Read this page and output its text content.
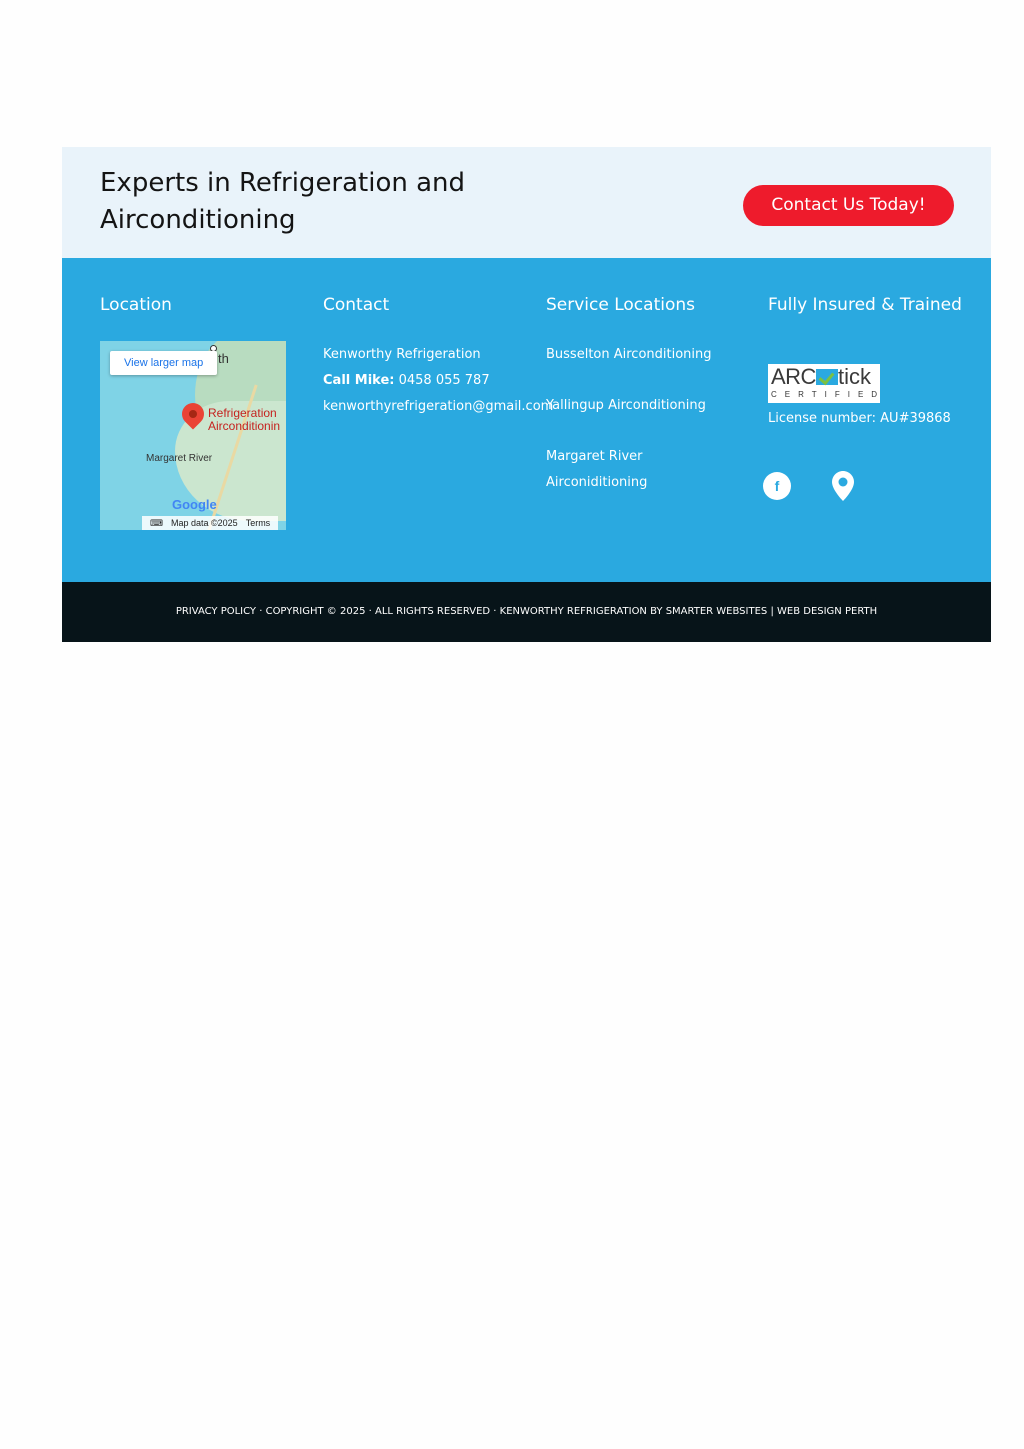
Experts in Refrigeration and Airconditioning	Contact Us Today!
Location
th
View larger map
Refrigeration
Airconditionin
Margaret River
Google
⌨ Map data ©2025 Terms
Contact
Kenworthy Refrigeration
Call Mike: 0458 055 787
kenworthyrefrigeration@gmail.com
Service Locations
Busselton Airconditioning
Yallingup Airconditioning
Margaret River Airconiditioning
Fully Insured & Trained
ARC tick
CERTIFIED
License number: AU#39868
f
PRIVACY POLICY · COPYRIGHT © 2025 · ALL RIGHTS RESERVED · KENWORTHY REFRIGERATION BY SMARTER WEBSITES | WEB DESIGN PERTH
